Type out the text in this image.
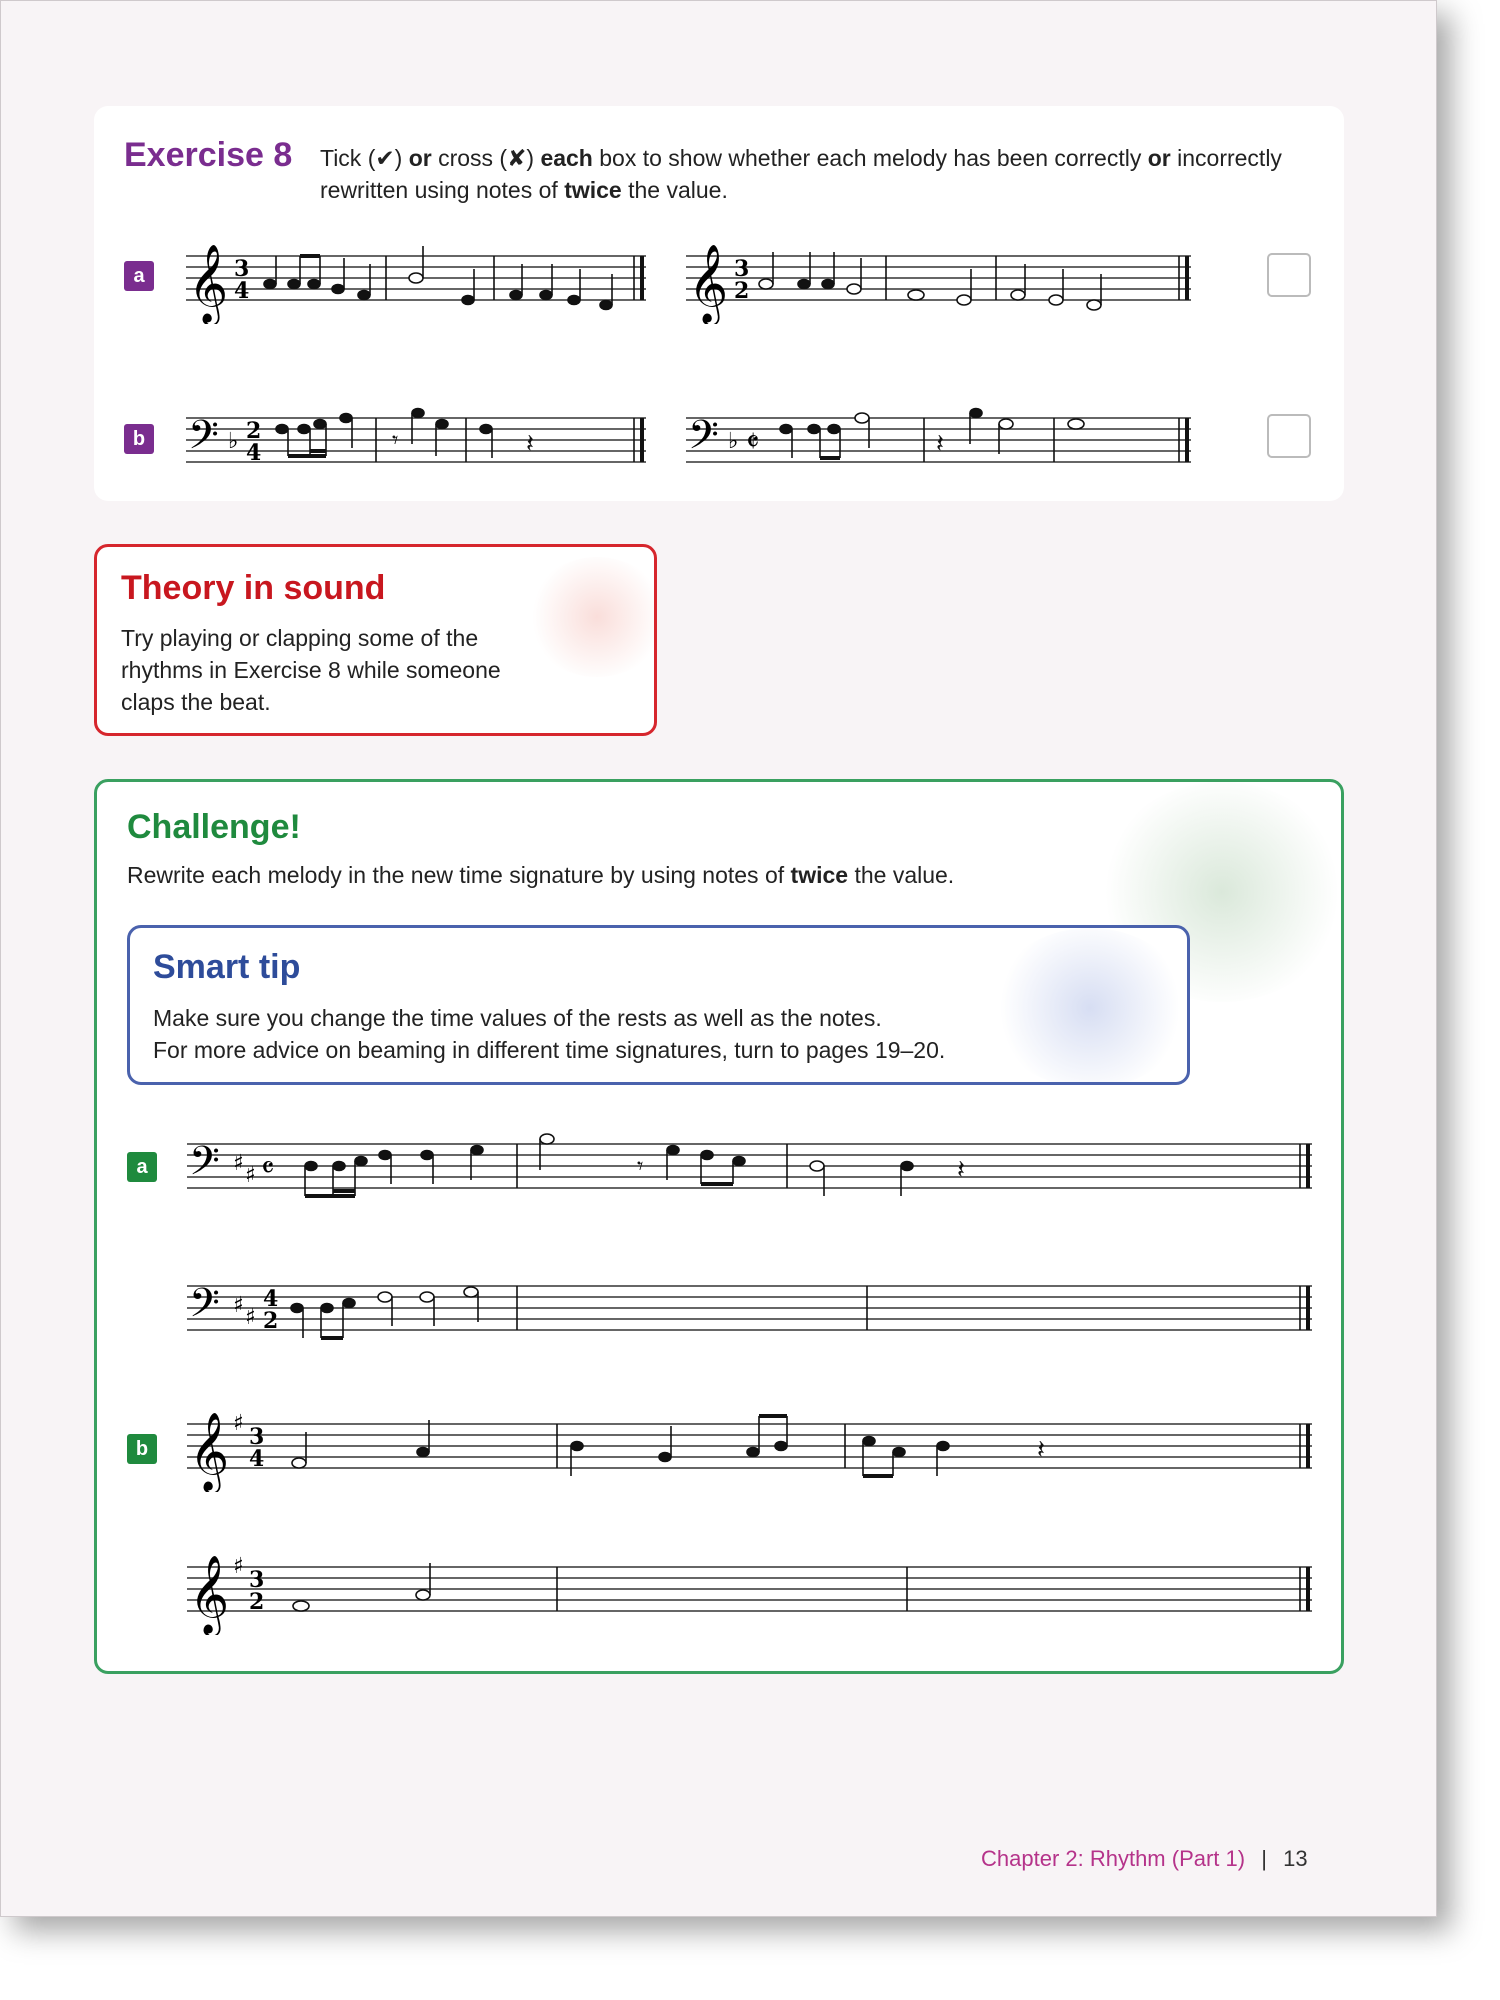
Exercise 8 Tick (✔) or cross (✘) each box to show whether each melody has been correctly or incorrectly rewritten using notes of twice the value.
a 𝄞 3
4	𝄞 3
2
b 𝄢 ♭ 2
4	𝄾	𝄽	𝄢 ♭ 𝄵	𝄽
Theory in sound
Try playing or clapping some of the rhythms in Exercise 8 while someone claps the beat.
Challenge!
Rewrite each melody in the new time signature by using notes of twice the value.
Smart tip
Make sure you change the time values of the rests as well as the notes.
For more advice on beaming in different time signatures, turn to pages 19–20.
a 𝄢 ♯ ♯ 𝄴	𝄾	𝄽
𝄢 ♯ ♯
4
2
b 𝄞 ♯
3
4	𝄽
𝄞 ♯
3
2
Chapter 2: Rhythm (Part 1) | 13
